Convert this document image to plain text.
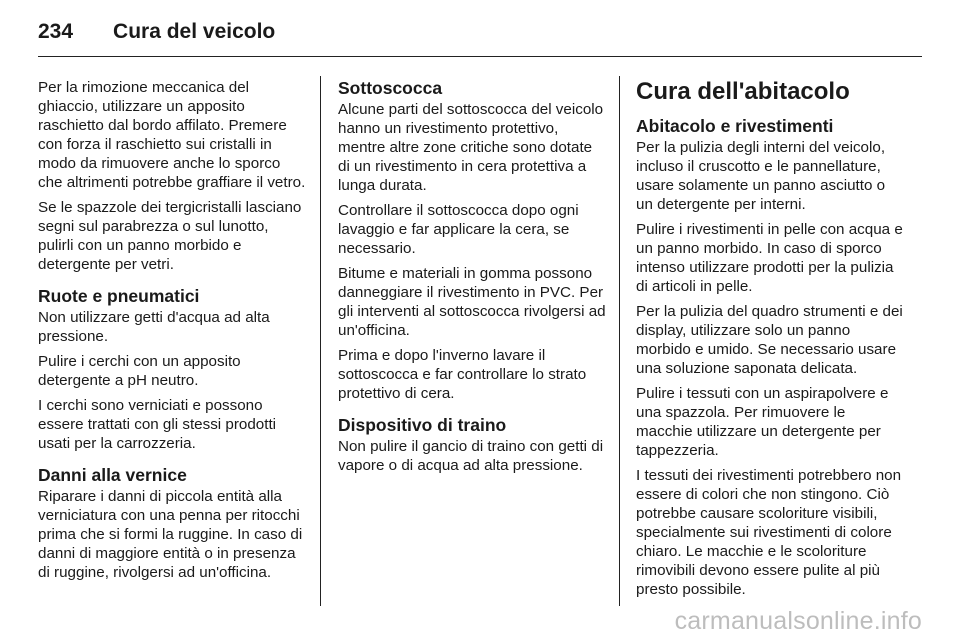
234 Cura del veicolo

Per la rimozione meccanica del ghiaccio, utilizzare un apposito raschietto dal bordo affilato. Premere con forza il raschietto sui cristalli in modo da rimuovere anche lo sporco che altrimenti potrebbe graffiare il vetro.

Se le spazzole dei tergicristalli lasciano segni sul parabrezza o sul lunotto, pulirli con un panno morbido e detergente per vetri.

Ruote e pneumatici

Non utilizzare getti d'acqua ad alta pressione.

Pulire i cerchi con un apposito detergente a pH neutro.

I cerchi sono verniciati e possono essere trattati con gli stessi prodotti usati per la carrozzeria.

Danni alla vernice

Riparare i danni di piccola entità alla verniciatura con una penna per ritocchi prima che si formi la ruggine. In caso di danni di maggiore entità o in presenza di ruggine, rivolgersi ad un'officina.

Sottoscocca

Alcune parti del sottoscocca del veicolo hanno un rivestimento protettivo, mentre altre zone critiche sono dotate di un rivestimento in cera protettiva a lunga durata.

Controllare il sottoscocca dopo ogni lavaggio e far applicare la cera, se necessario.

Bitume e materiali in gomma possono danneggiare il rivestimento in PVC. Per gli interventi al sottoscocca rivolgersi ad un'officina.

Prima e dopo l'inverno lavare il sottoscocca e far controllare lo strato protettivo di cera.

Dispositivo di traino

Non pulire il gancio di traino con getti di vapore o di acqua ad alta pressione.

Cura dell'abitacolo
Abitacolo e rivestimenti

Per la pulizia degli interni del veicolo, incluso il cruscotto e le pannellature, usare solamente un panno asciutto o un detergente per interni.

Pulire i rivestimenti in pelle con acqua e un panno morbido. In caso di sporco intenso utilizzare prodotti per la pulizia di articoli in pelle.

Per la pulizia del quadro strumenti e dei display, utilizzare solo un panno morbido e umido. Se necessario usare una soluzione saponata delicata.

Pulire i tessuti con un aspirapolvere e una spazzola. Per rimuovere le macchie utilizzare un detergente per tappezzeria.

I tessuti dei rivestimenti potrebbero non essere di colori che non stingono. Ciò potrebbe causare scoloriture visibili, specialmente sui rivestimenti di colore chiaro. Le macchie e le scoloriture rimovibili devono essere pulite al più presto possibile.

carmanualsonline.info
